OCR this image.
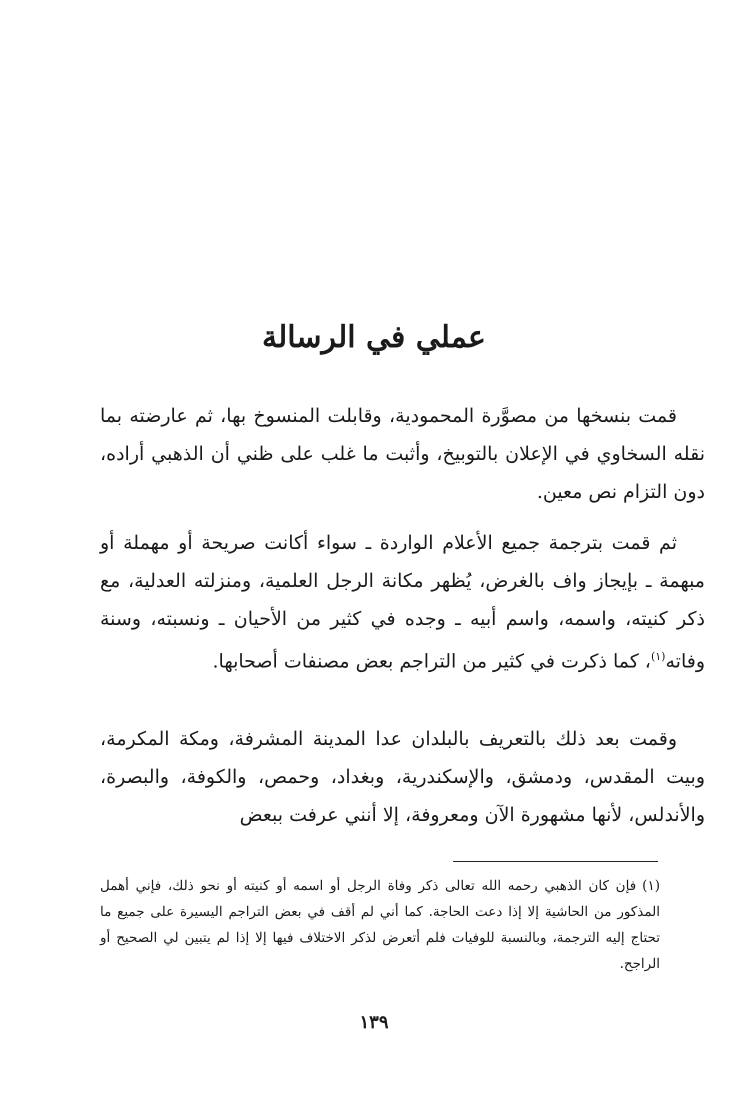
عملي في الرسالة

قمت بنسخها من مصوَّرة المحمودية، وقابلت المنسوخ بها، ثم عارضته بما نقله السخاوي في الإعلان بالتوبيخ، وأثبت ما غلب على ظني أن الذهبي أراده، دون التزام نص معين.

ثم قمت بترجمة جميع الأعلام الواردة ـ سواء أكانت صريحة أو مهملة أو مبهمة ـ بإيجاز واف بالغرض، يُظهر مكانة الرجل العلمية، ومنزلته العدلية، مع ذكر كنيته، واسمه، واسم أبيه ـ وجده في كثير من الأحيان ـ ونسبته، وسنة وفاته$^{(١)}$، كما ذكرت في كثير من التراجم بعض مصنفات أصحابها.

وقمت بعد ذلك بالتعريف بالبلدان عدا المدينة المشرفة، ومكة المكرمة، وبيت المقدس، ودمشق، والإسكندرية، وبغداد، وحمص، والكوفة، والبصرة، والأندلس، لأنها مشهورة الآن ومعروفة، إلا أنني عرفت ببعض

(١)فإن كان الذهبي رحمه الله تعالى ذكر وفاة الرجل أو اسمه أو كنيته أو نحو ذلك، فإني أهمل المذكور من الحاشية إلا إذا دعت الحاجة. كما أني لم أقف في بعض التراجم اليسيرة على جميع ما تحتاج إليه الترجمة، وبالنسبة للوفيات فلم أتعرض لذكر الاختلاف فيها إلا إذا لم يتبين لي الصحيح أو الراجح.

١٣٩
